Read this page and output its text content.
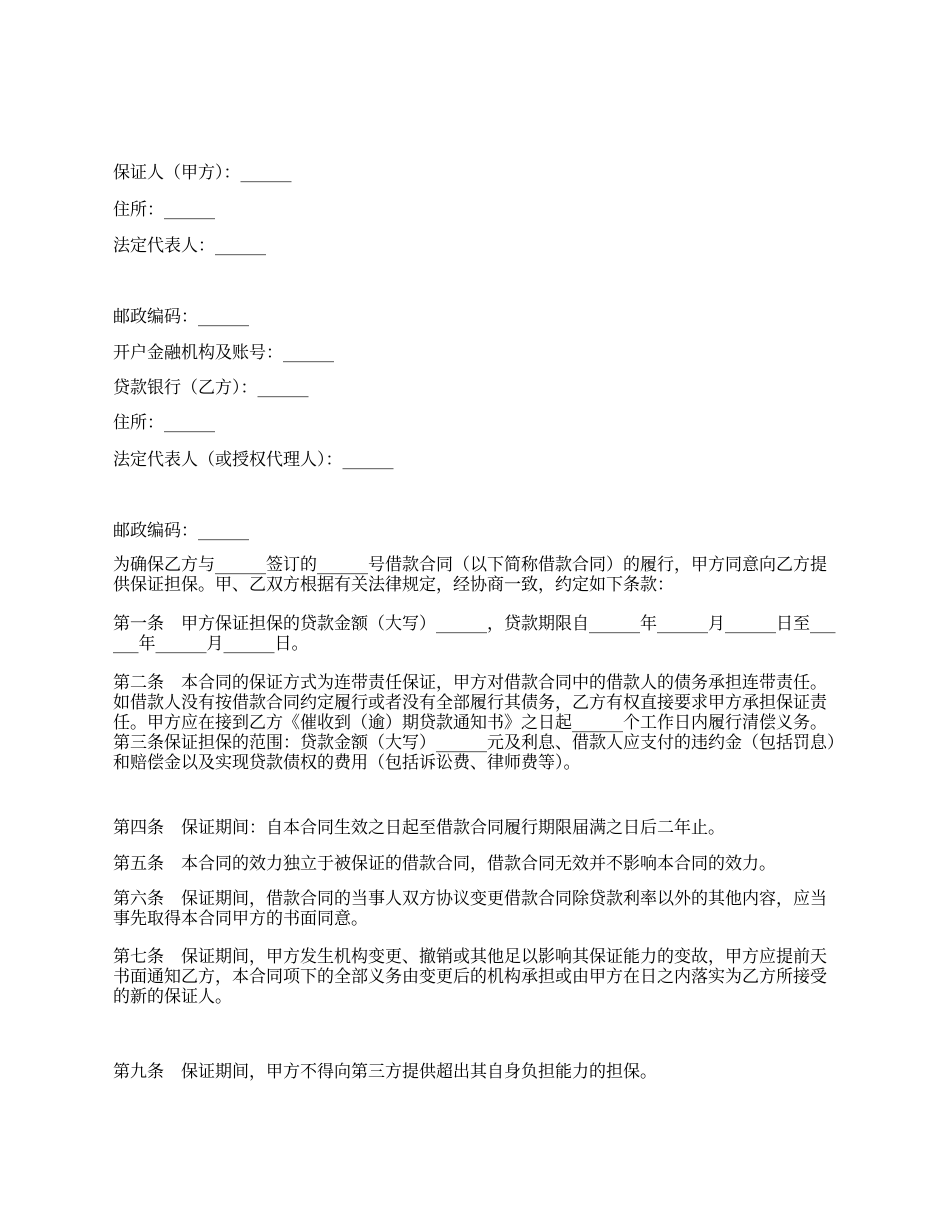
保证人（甲方）：______
住所：______
法定代表人：______
邮政编码：______
开户金融机构及账号：______
贷款银行（乙方）：______
住所：______
法定代表人（或授权代理人）：______
邮政编码：______
为确保乙方与______签订的______号借款合同（以下简称借款合同）的履行，甲方同意向乙方提供保证担保。甲、乙双方根据有关法律规定，经协商一致，约定如下条款：
第一条　甲方保证担保的贷款金额（大写）______，贷款期限自______年______月______日至______年______月______日。
第二条　本合同的保证方式为连带责任保证，甲方对借款合同中的借款人的债务承担连带责任。如借款人没有按借款合同约定履行或者没有全部履行其债务，乙方有权直接要求甲方承担保证责任。甲方应在接到乙方《催收到（逾）期贷款通知书》之日起______个工作日内履行清偿义务。 第三条保证担保的范围：贷款金额（大写）______元及利息、借款人应支付的违约金（包括罚息）和赔偿金以及实现贷款债权的费用（包括诉讼费、律师费等）。
第四条　保证期间：自本合同生效之日起至借款合同履行期限届满之日后二年止。
第五条　本合同的效力独立于被保证的借款合同，借款合同无效并不影响本合同的效力。
第六条　保证期间，借款合同的当事人双方协议变更借款合同除贷款利率以外的其他内容，应当事先取得本合同甲方的书面同意。
第七条　保证期间，甲方发生机构变更、撤销或其他足以影响其保证能力的变故，甲方应提前天书面通知乙方，本合同项下的全部义务由变更后的机构承担或由甲方在日之内落实为乙方所接受的新的保证人。
第九条　保证期间，甲方不得向第三方提供超出其自身负担能力的担保。
